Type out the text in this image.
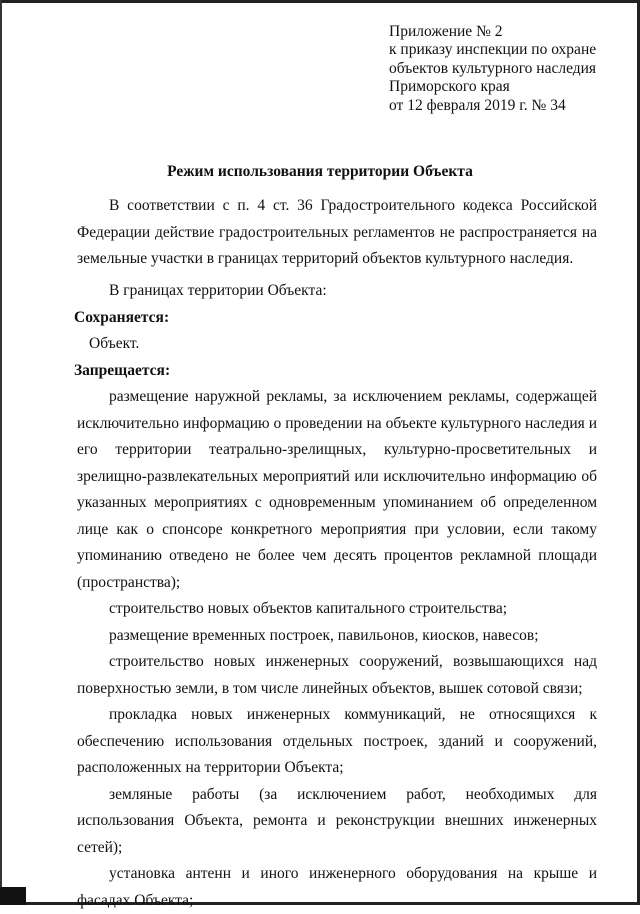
Приложение № 2
к приказу инспекции по охране
объектов культурного наследия
Приморского края
от 12 февраля 2019 г. № 34
Режим использования территории Объекта

В соответствии с п. 4 ст. 36 Градостроительного кодекса Российской Федерации действие градостроительных регламентов не распространяется на земельные участки в границах территорий объектов культурного наследия.

В границах территории Объекта:

Сохраняется:

Объект.

Запрещается:

размещение наружной рекламы, за исключением рекламы, содержащей исключительно информацию о проведении на объекте культурного наследия и его территории театрально-зрелищных, культурно-просветительных и зрелищно-развлекательных мероприятий или исключительно информацию об указанных мероприятиях с одновременным упоминанием об определенном лице как о спонсоре конкретного мероприятия при условии, если такому упоминанию отведено не более чем десять процентов рекламной площади (пространства);

строительство новых объектов капитального строительства;

размещение временных построек, павильонов, киосков, навесов;

строительство новых инженерных сооружений, возвышающихся над поверхностью земли, в том числе линейных объектов, вышек сотовой связи;

прокладка новых инженерных коммуникаций, не относящихся к обеспечению использования отдельных построек, зданий и сооружений, расположенных на территории Объекта;

земляные работы (за исключением работ, необходимых для использования Объекта, ремонта и реконструкции внешних инженерных сетей);

установка антенн и иного инженерного оборудования на крыше и фасадах Объекта;
